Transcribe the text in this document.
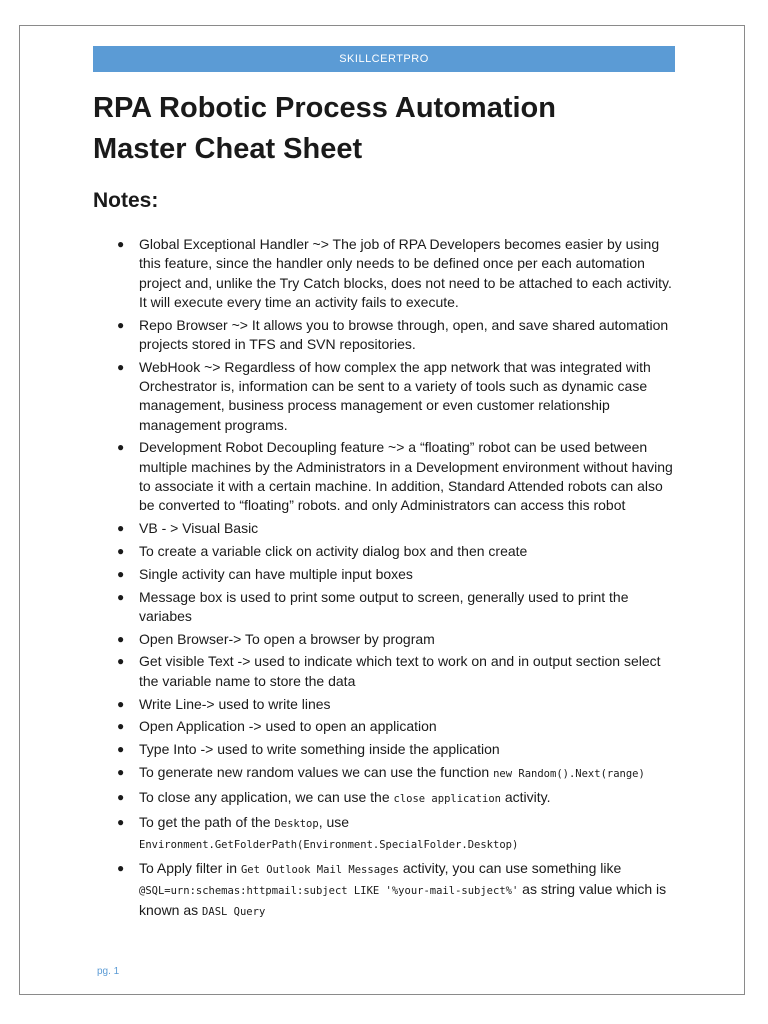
SKILLCERTPRO
RPA Robotic Process Automation
Master Cheat Sheet
Notes:
● Global Exceptional Handler ~> The job of RPA Developers becomes easier by using this feature, since the handler only needs to be defined once per each automation project and, unlike the Try Catch blocks, does not need to be attached to each activity. It will execute every time an activity fails to execute.
● Repo Browser ~> It allows you to browse through, open, and save shared automation projects stored in TFS and SVN repositories.
● WebHook ~> Regardless of how complex the app network that was integrated with Orchestrator is, information can be sent to a variety of tools such as dynamic case management, business process management or even customer relationship management programs.
● Development Robot Decoupling feature ~> a “floating” robot can be used between multiple machines by the Administrators in a Development environment without having to associate it with a certain machine. In addition, Standard Attended robots can also be converted to “floating” robots. and only Administrators can access this robot
● VB - > Visual Basic
● To create a variable click on activity dialog box and then create
● Single activity can have multiple input boxes
● Message box is used to print some output to screen, generally used to print the variabes
● Open Browser-> To open a browser by program
● Get visible Text -> used to indicate which text to work on and in output section select the variable name to store the data
● Write Line-> used to write lines
● Open Application -> used to open an application
● Type Into -> used to write something inside the application
● To generate new random values we can use the function new Random().Next(range)
● To close any application, we can use the close application activity.
● To get the path of the Desktop, use Environment.GetFolderPath(Environment.SpecialFolder.Desktop)
● To Apply filter in Get Outlook Mail Messages activity, you can use something like @SQL=urn:schemas:httpmail:subject LIKE '%your-mail-subject%' as string value which is known as DASL Query
pg. 1
